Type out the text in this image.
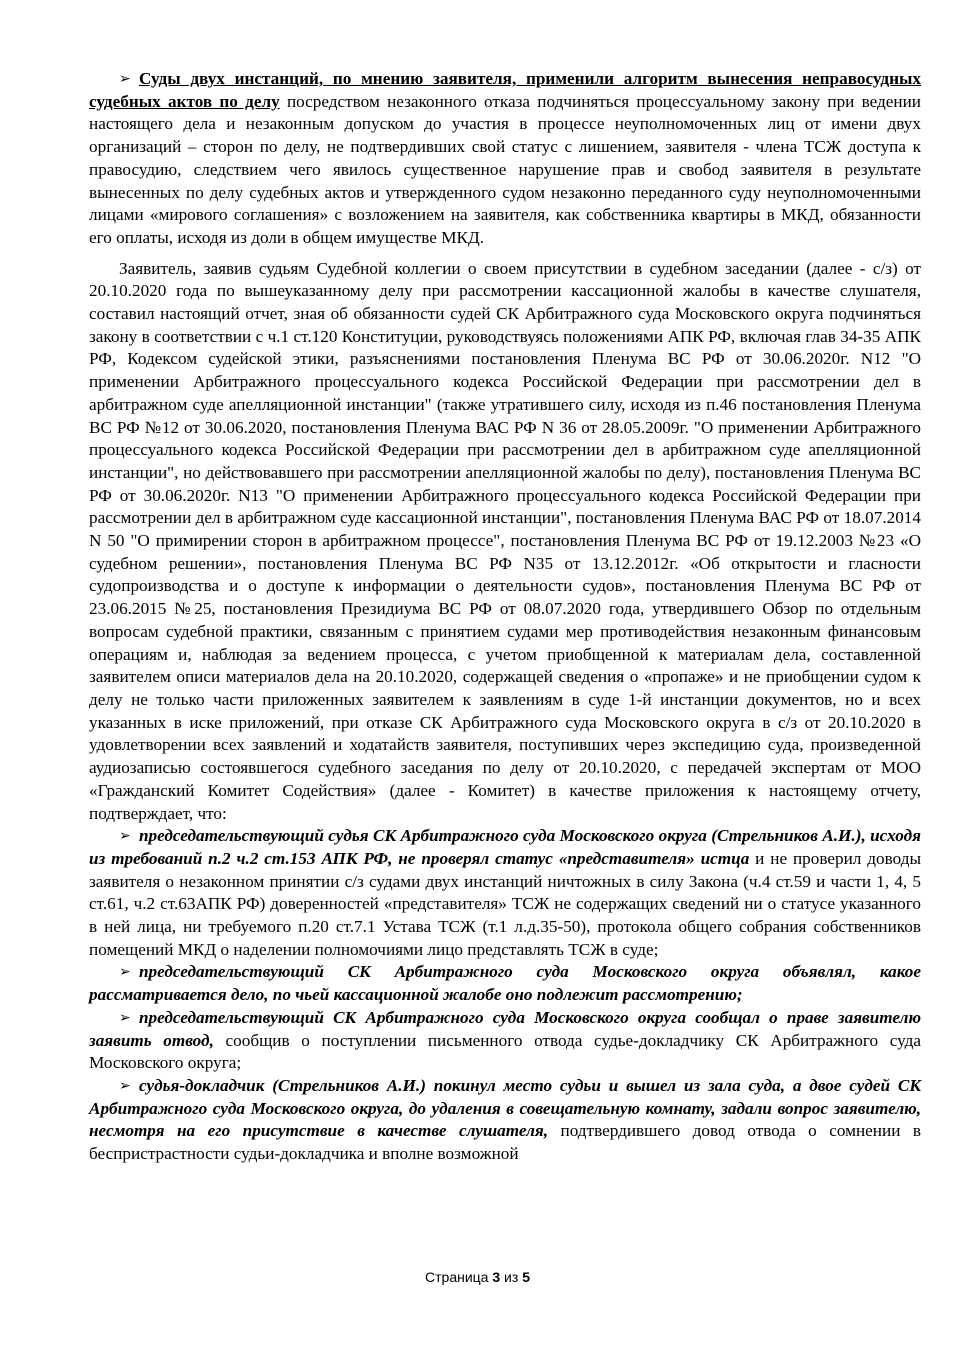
➢ Суды двух инстанций, по мнению заявителя, применили алгоритм вынесения неправосудных судебных актов по делу посредством незаконного отказа подчиняться процессуальному закону при ведении настоящего дела и незаконным допуском до участия в процессе неуполномоченных лиц от имени двух организаций – сторон по делу, не подтвердивших свой статус с лишением, заявителя - члена ТСЖ доступа к правосудию, следствием чего явилось существенное нарушение прав и свобод заявителя в результате вынесенных по делу судебных актов и утвержденного судом незаконно переданного суду неуполномоченными лицами «мирового соглашения» с возложением на заявителя, как собственника квартиры в МКД, обязанности его оплаты, исходя из доли в общем имуществе МКД.

Заявитель, заявив судьям Судебной коллегии о своем присутствии в судебном заседании (далее - с/з) от 20.10.2020 года по вышеуказанному делу при рассмотрении кассационной жалобы в качестве слушателя, составил настоящий отчет, зная об обязанности судей СК Арбитражного суда Московского округа подчиняться закону в соответствии с ч.1 ст.120 Конституции, руководствуясь положениями АПК РФ, включая глав 34-35 АПК РФ, Кодексом судейской этики, разъяснениями постановления Пленума ВС РФ от 30.06.2020г. N12 "О применении Арбитражного процессуального кодекса Российской Федерации при рассмотрении дел в арбитражном суде апелляционной инстанции" (также утратившего силу, исходя из п.46 постановления Пленума ВС РФ №12 от 30.06.2020, постановления Пленума ВАС РФ N 36 от 28.05.2009г. "О применении Арбитражного процессуального кодекса Российской Федерации при рассмотрении дел в арбитражном суде апелляционной инстанции", но действовавшего при рассмотрении апелляционной жалобы по делу), постановления Пленума ВС РФ от 30.06.2020г. N13 "О применении Арбитражного процессуального кодекса Российской Федерации при рассмотрении дел в арбитражном суде кассационной инстанции", постановления Пленума ВАС РФ от 18.07.2014 N 50 "О примирении сторон в арбитражном процессе", постановления Пленума ВС РФ от 19.12.2003 №23 «О судебном решении», постановления Пленума ВС РФ N35 от 13.12.2012г. «Об открытости и гласности судопроизводства и о доступе к информации о деятельности судов», постановления Пленума ВС РФ от 23.06.2015 №25, постановления Президиума ВС РФ от 08.07.2020 года, утвердившего Обзор по отдельным вопросам судебной практики, связанным с принятием судами мер противодействия незаконным финансовым операциям и, наблюдая за ведением процесса, с учетом приобщенной к материалам дела, составленной заявителем описи материалов дела на 20.10.2020, содержащей сведения о «пропаже» и не приобщении судом к делу не только части приложенных заявителем к заявлениям в суде 1-й инстанции документов, но и всех указанных в иске приложений, при отказе СК Арбитражного суда Московского округа в с/з от 20.10.2020 в удовлетворении всех заявлений и ходатайств заявителя, поступивших через экспедицию суда, произведенной аудиозаписью состоявшегося судебного заседания по делу от 20.10.2020, с передачей экспертам от МОО «Гражданский Комитет Содействия» (далее - Комитет) в качестве приложения к настоящему отчету, подтверждает, что:

➢ председательствующий судья СК Арбитражного суда Московского округа (Стрельников А.И.), исходя из требований п.2 ч.2 ст.153 АПК РФ, не проверял статус «представителя» истца и не проверил доводы заявителя о незаконном принятии с/з судами двух инстанций ничтожных в силу Закона (ч.4 ст.59 и части 1, 4, 5 ст.61, ч.2 ст.63АПК РФ) доверенностей «представителя» ТСЖ не содержащих сведений ни о статусе указанного в ней лица, ни требуемого п.20 ст.7.1 Устава ТСЖ (т.1 л.д.35-50), протокола общего собрания собственников помещений МКД о наделении полномочиями лицо представлять ТСЖ в суде;

➢ председательствующий СК Арбитражного суда Московского округа объявлял, какое рассматривается дело, по чьей кассационной жалобе оно подлежит рассмотрению;

➢ председательствующий СК Арбитражного суда Московского округа сообщал о праве заявителю заявить отвод, сообщив о поступлении письменного отвода судье-докладчику СК Арбитражного суда Московского округа;

➢ судья-докладчик (Стрельников А.И.) покинул место судьи и вышел из зала суда, а двое судей СК Арбитражного суда Московского округа, до удаления в совещательную комнату, задали вопрос заявителю, несмотря на его присутствие в качестве слушателя, подтвердившего довод отвода о сомнении в беспристрастности судьи-докладчика и вполне возможной

Страница 3 из 5
